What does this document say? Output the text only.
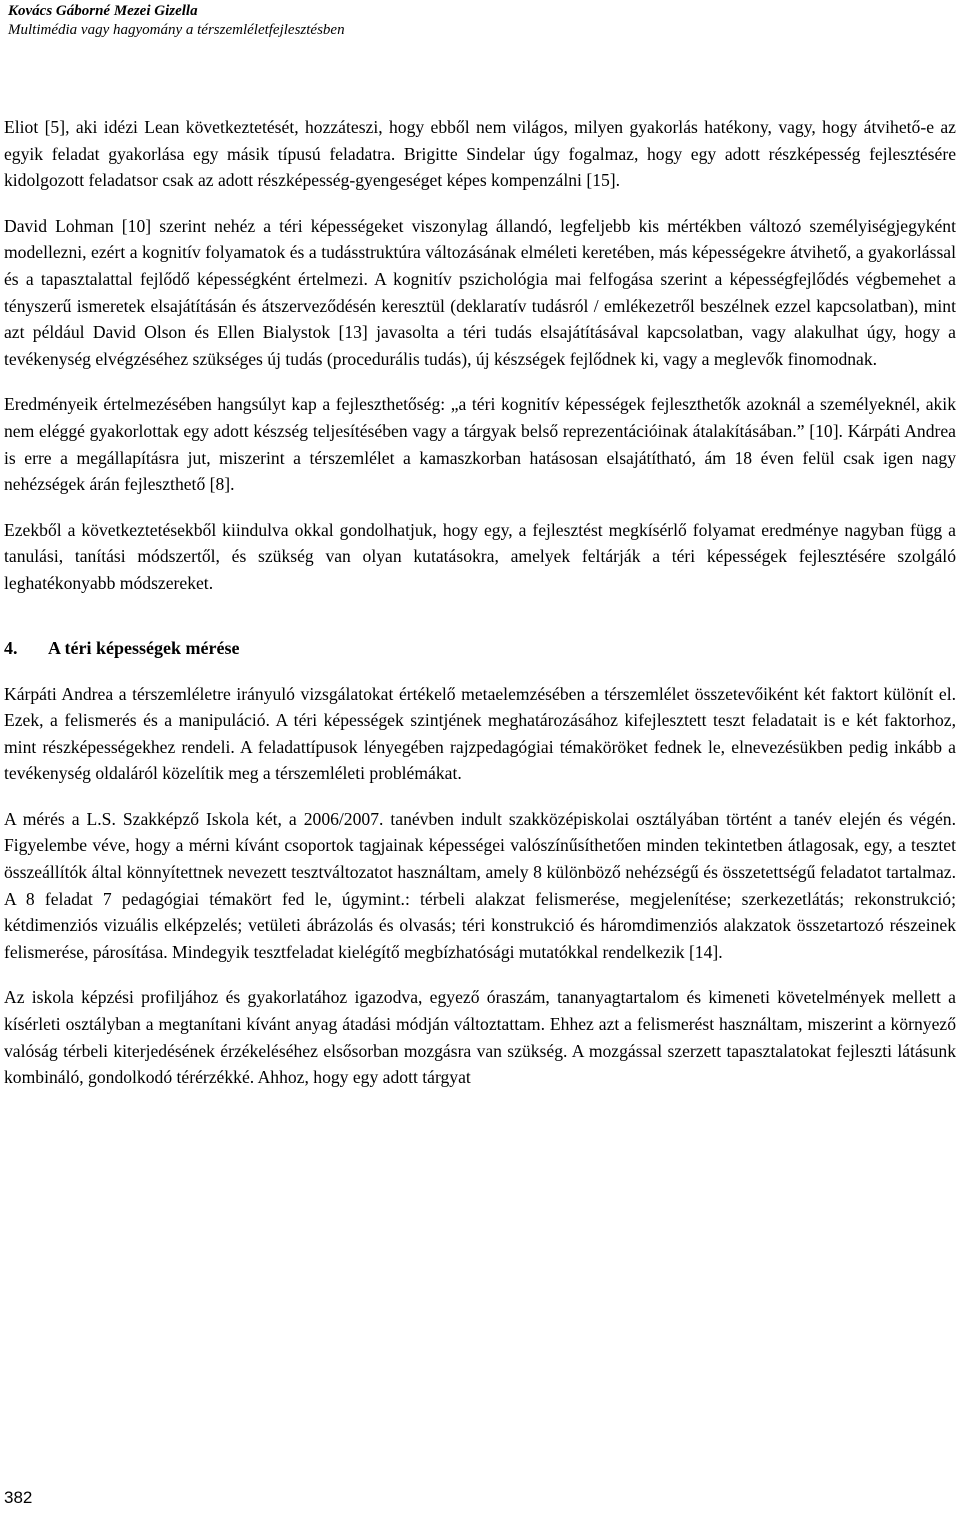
Kovács Gáborné Mezei Gizella
Multimédia vagy hagyomány a térszemléletfejlesztésben

Eliot [5], aki idézi Lean következtetését, hozzáteszi, hogy ebből nem világos, milyen gyakorlás hatékony, vagy, hogy átvihető-e az egyik feladat gyakorlása egy másik típusú feladatra. Brigitte Sindelar úgy fogalmaz, hogy egy adott részképesség fejlesztésére kidolgozott feladatsor csak az adott részképesség-gyengeséget képes kompenzálni [15].

David Lohman [10] szerint nehéz a téri képességeket viszonylag állandó, legfeljebb kis mértékben változó személyiségjegyként modellezni, ezért a kognitív folyamatok és a tudásstruktúra változásának elméleti keretében, más képességekre átvihető, a gyakorlással és a tapasztalattal fejlődő képességként értelmezi. A kognitív pszichológia mai felfogása szerint a képességfejlődés végbemehet a tényszerű ismeretek elsajátításán és átszerveződésén keresztül (deklaratív tudásról / emlékezetről beszélnek ezzel kapcsolatban), mint azt például David Olson és Ellen Bialystok [13] javasolta a téri tudás elsajátításával kapcsolatban, vagy alakulhat úgy, hogy a tevékenység elvégzéséhez szükséges új tudás (procedurális tudás), új készségek fejlődnek ki, vagy a meglevők finomodnak.

Eredményeik értelmezésében hangsúlyt kap a fejleszthetőség: „a téri kognitív képességek fejleszthetők azoknál a személyeknél, akik nem eléggé gyakorlottak egy adott készség teljesítésében vagy a tárgyak belső reprezentációinak átalakításában.” [10]. Kárpáti Andrea is erre a megállapításra jut, miszerint a térszemlélet a kamaszkorban hatásosan elsajátítható, ám 18 éven felül csak igen nagy nehézségek árán fejleszthető [8].

Ezekből a következtetésekből kiindulva okkal gondolhatjuk, hogy egy, a fejlesztést megkísérlő folyamat eredménye nagyban függ a tanulási, tanítási módszertől, és szükség van olyan kutatásokra, amelyek feltárják a téri képességek fejlesztésére szolgáló leghatékonyabb módszereket.

4.	A téri képességek mérése

Kárpáti Andrea a térszemléletre irányuló vizsgálatokat értékelő metaelemzésében a térszemlélet összetevőiként két faktort különít el. Ezek, a felismerés és a manipuláció. A téri képességek szintjének meghatározásához kifejlesztett teszt feladatait is e két faktorhoz, mint részképességekhez rendeli. A feladattípusok lényegében rajzpedagógiai témaköröket fednek le, elnevezésükben pedig inkább a tevékenység oldaláról közelítik meg a térszemléleti problémákat.

A mérés a L.S. Szakképző Iskola két, a 2006/2007. tanévben indult szakközépiskolai osztályában történt a tanév elején és végén. Figyelembe véve, hogy a mérni kívánt csoportok tagjainak képességei valószínűsíthetően minden tekintetben átlagosak, egy, a tesztet összeállítók által könnyítettnek nevezett tesztváltozatot használtam, amely 8 különböző nehézségű és összetettségű feladatot tartalmaz. A 8 feladat 7 pedagógiai témakört fed le, úgymint.: térbeli alakzat felismerése, megjelenítése; szerkezetlátás; rekonstrukció; kétdimenziós vizuális elképzelés; vetületi ábrázolás és olvasás; téri konstrukció és háromdimenziós alakzatok összetartozó részeinek felismerése, párosítása. Mindegyik tesztfeladat kielégítő megbízhatósági mutatókkal rendelkezik [14].

Az iskola képzési profiljához és gyakorlatához igazodva, egyező óraszám, tananyagtartalom és kimeneti követelmények mellett a kísérleti osztályban a megtanítani kívánt anyag átadási módján változtattam. Ehhez azt a felismerést használtam, miszerint a környező valóság térbeli kiterjedésének érzékeléséhez elsősorban mozgásra van szükség. A mozgással szerzett tapasztalatokat fejleszti látásunk kombináló, gondolkodó térérzékké. Ahhoz, hogy egy adott tárgyat

382
